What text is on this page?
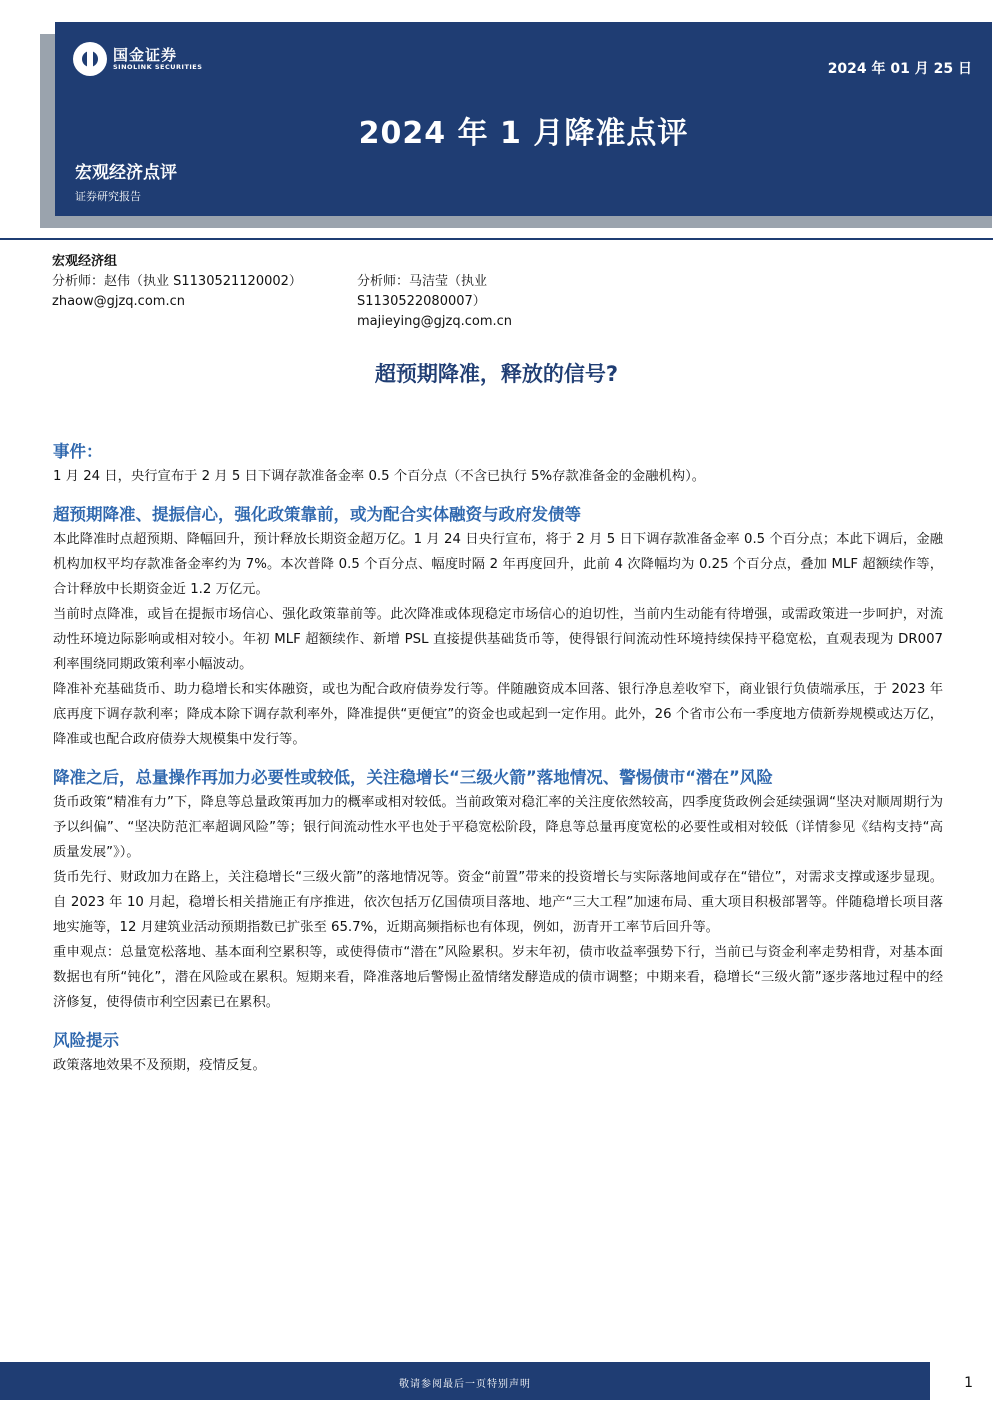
国金证券
SINOLINK SECURITIES	2024 年 01 月 25 日
2024 年 1 月降准点评
宏观经济点评
证券研究报告
宏观经济组
分析师：赵伟（执业 S1130521120002）
zhaow@gjzq.com.cn
分析师：马洁莹（执业
S1130522080007）
majieying@gjzq.com.cn
超预期降准，释放的信号?
事件：

1 月 24 日，央行宣布于 2 月 5 日下调存款准备金率 0.5 个百分点（不含已执行 5%存款准备金的金融机构）。

超预期降准、提振信心，强化政策靠前，或为配合实体融资与政府发债等

本此降准时点超预期、降幅回升，预计释放长期资金超万亿。1 月 24 日央行宣布，将于 2 月 5 日下调存款准备金率 0.5 个百分点；本此下调后，金融机构加权平均存款准备金率约为 7%。本次普降 0.5 个百分点、幅度时隔 2 年再度回升，此前 4 次降幅均为 0.25 个百分点，叠加 MLF 超额续作等，合计释放中长期资金近 1.2 万亿元。

当前时点降准，或旨在提振市场信心、强化政策靠前等。此次降准或体现稳定市场信心的迫切性，当前内生动能有待增强，或需政策进一步呵护，对流动性环境边际影响或相对较小。年初 MLF 超额续作、新增 PSL 直接提供基础货币等，使得银行间流动性环境持续保持平稳宽松，直观表现为 DR007 利率围绕同期政策利率小幅波动。

降准补充基础货币、助力稳增长和实体融资，或也为配合政府债券发行等。伴随融资成本回落、银行净息差收窄下，商业银行负债端承压，于 2023 年底再度下调存款利率；降成本除下调存款利率外，降准提供“更便宜”的资金也或起到一定作用。此外，26 个省市公布一季度地方债新券规模或达万亿，降准或也配合政府债券大规模集中发行等。

降准之后，总量操作再加力必要性或较低，关注稳增长“三级火箭”落地情况、警惕债市“潜在”风险

货币政策“精准有力”下，降息等总量政策再加力的概率或相对较低。当前政策对稳汇率的关注度依然较高，四季度货政例会延续强调“坚决对顺周期行为予以纠偏”、“坚决防范汇率超调风险”等；银行间流动性水平也处于平稳宽松阶段，降息等总量再度宽松的必要性或相对较低（详情参见《结构支持“高质量发展”》）。

货币先行、财政加力在路上，关注稳增长“三级火箭”的落地情况等。资金“前置”带来的投资增长与实际落地间或存在“错位”，对需求支撑或逐步显现。自 2023 年 10 月起，稳增长相关措施正有序推进，依次包括万亿国债项目落地、地产“三大工程”加速布局、重大项目积极部署等。伴随稳增长项目落地实施等，12 月建筑业活动预期指数已扩张至 65.7%，近期高频指标也有体现，例如，沥青开工率节后回升等。

重申观点：总量宽松落地、基本面利空累积等，或使得债市“潜在”风险累积。岁末年初，债市收益率强势下行，当前已与资金利率走势相背，对基本面数据也有所“钝化”，潜在风险或在累积。短期来看，降准落地后警惕止盈情绪发酵造成的债市调整；中期来看，稳增长“三级火箭”逐步落地过程中的经济修复，使得债市利空因素已在累积。

风险提示

政策落地效果不及预期，疫情反复。

敬请参阅最后一页特别声明	1
